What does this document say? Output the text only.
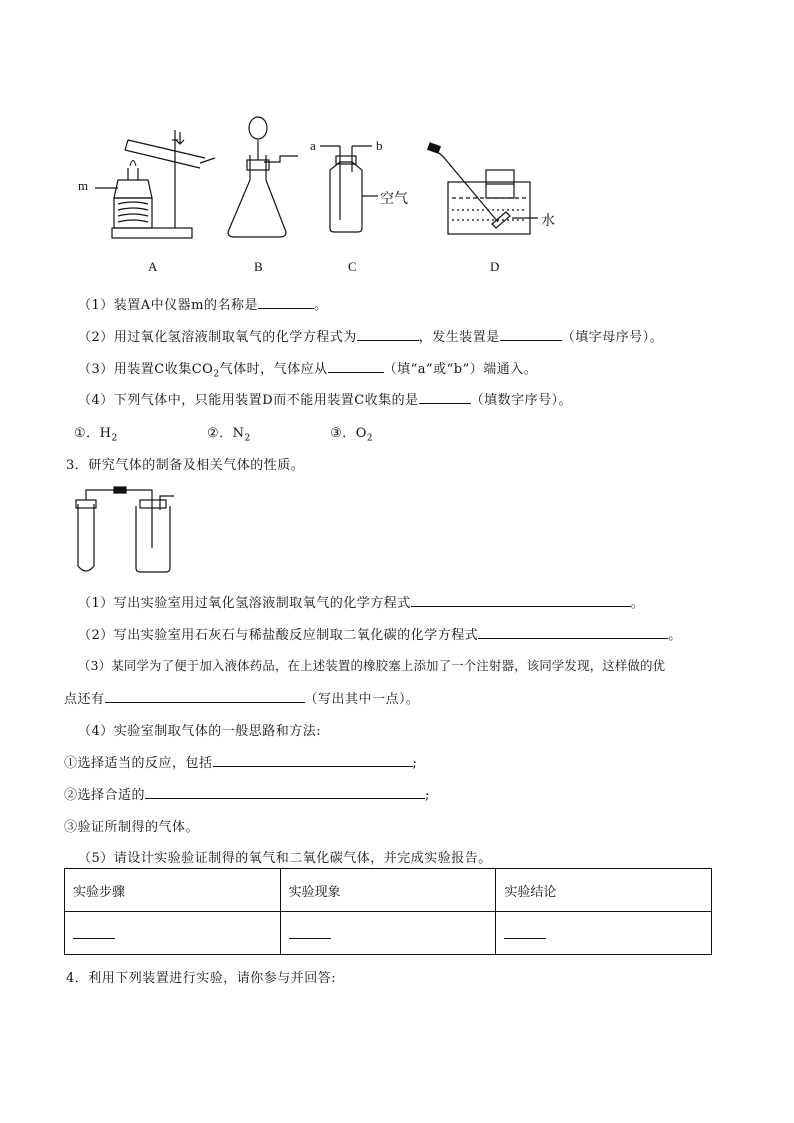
m
a	b
空气
水
A	B	C	D
（1）装置A中仪器m的名称是	。
（2）用过氧化氢溶液制取氧气的化学方程式为	，发生装置是	（填字母序号）。
（3）用装置C收集$CO_2$气体时，气体应从	（填“a”或“b”）端通入。
（4）下列气体中，只能用装置D而不能用装置C收集的是	（填数字序号）。
①．$H_2$	②．$N_2$	③．$O_2$
3．研究气体的制备及相关气体的性质。
（1）写出实验室用过氧化氢溶液制取氧气的化学方程式	。
（2）写出实验室用石灰石与稀盐酸反应制取二氧化碳的化学方程式	。
（3）某同学为了便于加入液体药品，在上述装置的橡胶塞上添加了一个注射器，该同学发现，这样做的优
点还有	（写出其中一点）。
（4）实验室制取气体的一般思路和方法:
①选择适当的反应，包括	;
②选择合适的	;
③验证所制得的气体。
（5）请设计实验验证制得的氧气和二氧化碳气体，并完成实验报告。
实验步骤	实验现象	实验结论

4．利用下列装置进行实验，请你参与并回答:
